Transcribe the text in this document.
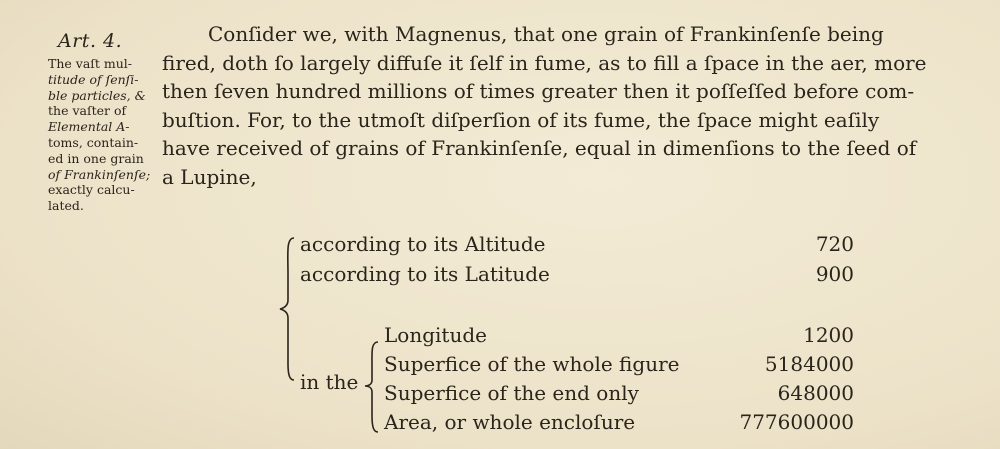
Art. 4.
The vaſt mul-
titude of ſenſi-
ble particles, &
the vaſter of
Elemental A-
toms, contain-
ed in one grain
of Frankinſenſe;
exactly calcu-
lated.
Conſider we, with Magnenus, that one grain of Frankinſenſe being
fired, doth ſo largely diffuſe it ſelf in fume, as to fill a ſpace in the aer, more
then ſeven hundred millions of times greater then it poſſeſſed before com-
buſtion. For, to the utmoſt diſperſion of its fume, the ſpace might eaſily
have received of grains of Frankinſenſe, equal in dimenſions to the ſeed of
a Lupine,
according to its Altitude	720
according to its Latitude	900
in the
Longitude	1200
Superfice of the whole figure	5184000
Superfice of the end only	648000
Area, or whole encloſure	777600000
